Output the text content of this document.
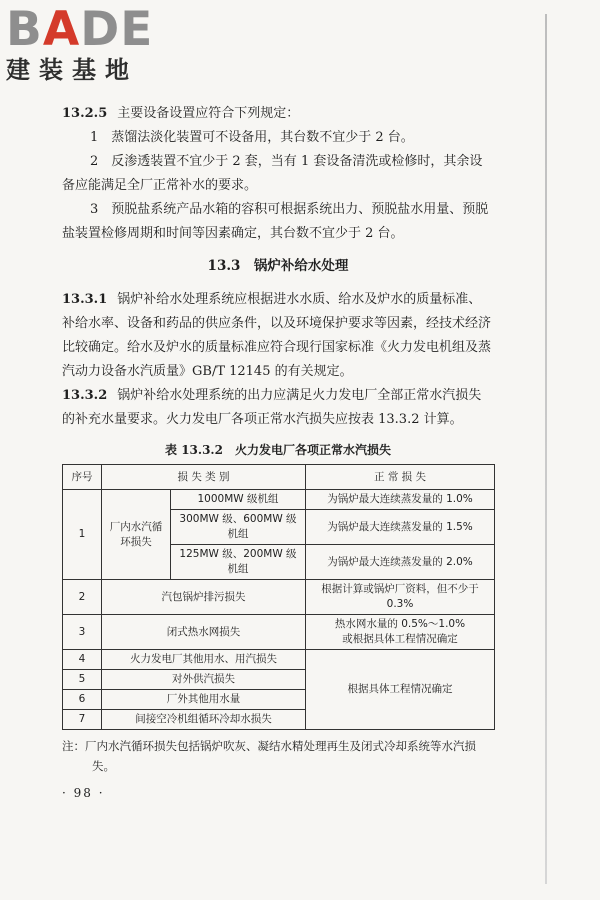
BADE
建装基地

13.2.5 主要设备设置应符合下列规定：

1　蒸馏法淡化装置可不设备用，其台数不宜少于 2 台。

2　反渗透装置不宜少于 2 套，当有 1 套设备清洗或检修时，其余设备应能满足全厂正常补水的要求。

3　预脱盐系统产品水箱的容积可根据系统出力、预脱盐水用量、预脱盐装置检修周期和时间等因素确定，其台数不宜少于 2 台。

13.3　锅炉补给水处理

13.3.1 锅炉补给水处理系统应根据进水水质、给水及炉水的质量标准、补给水率、设备和药品的供应条件，以及环境保护要求等因素，经技术经济比较确定。给水及炉水的质量标准应符合现行国家标准《火力发电机组及蒸汽动力设备水汽质量》GB/T 12145 的有关规定。

13.3.2 锅炉补给水处理系统的出力应满足火力发电厂全部正常水汽损失的补充水量要求。火力发电厂各项正常水汽损失应按表 13.3.2 计算。

表 13.3.2　火力发电厂各项正常水汽损失
序号	损 失 类 别		正 常 损 失
1	厂内水汽循环损失	1000MW 级机组	为锅炉最大连续蒸发量的 1.0%
		300MW 级、600MW 级机组	为锅炉最大连续蒸发量的 1.5%
		125MW 级、200MW 级机组	为锅炉最大连续蒸发量的 2.0%
2	汽包锅炉排污损失		根据计算或锅炉厂资料，但不少于 0.3%
3	闭式热水网损失		热水网水量的 0.5%～1.0%
或根据具体工程情况确定

4	火力发电厂其他用水、用汽损失		根据具体工程情况确定
5	对外供汽损失		
6	厂外其他用水量		
7	间接空冷机组循环冷却水损失		
注：厂内水汽循环损失包括锅炉吹灰、凝结水精处理再生及闭式冷却系统等水汽损失。
· 98 ·
